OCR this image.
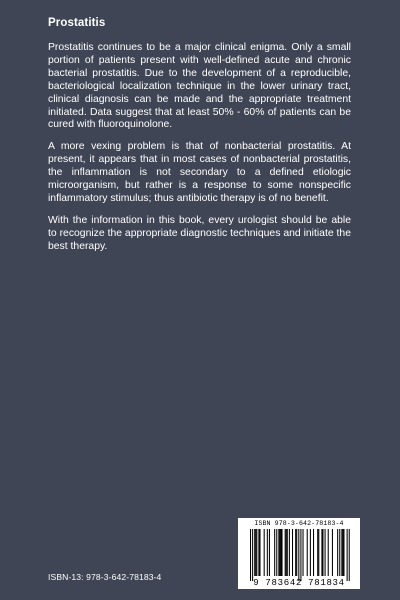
Prostatitis

Prostatitis continues to be a major clinical enigma. Only a small portion of patients present with well-defined acute and chronic bacterial prostatitis. Due to the development of a reproducible, bacteriological localization technique in the lower urinary tract, clinical diagnosis can be made and the appropriate treatment initiated. Data suggest that at least 50% - 60% of patients can be cured with fluoroquinolone.

A more vexing problem is that of nonbacterial prostatitis. At present, it appears that in most cases of nonbacterial prostatitis, the inflammation is not secondary to a defined etiologic microorganism, but rather is a response to some nonspecific inflammatory stimulus; thus antibiotic therapy is of no benefit.

With the information in this book, every urologist should be able to recognize the appropriate diagnostic techniques and initiate the best therapy.

ISBN-13: 978-3-642-78183-4
ISBN 978-3-642-78183-4
9 783642 781834
